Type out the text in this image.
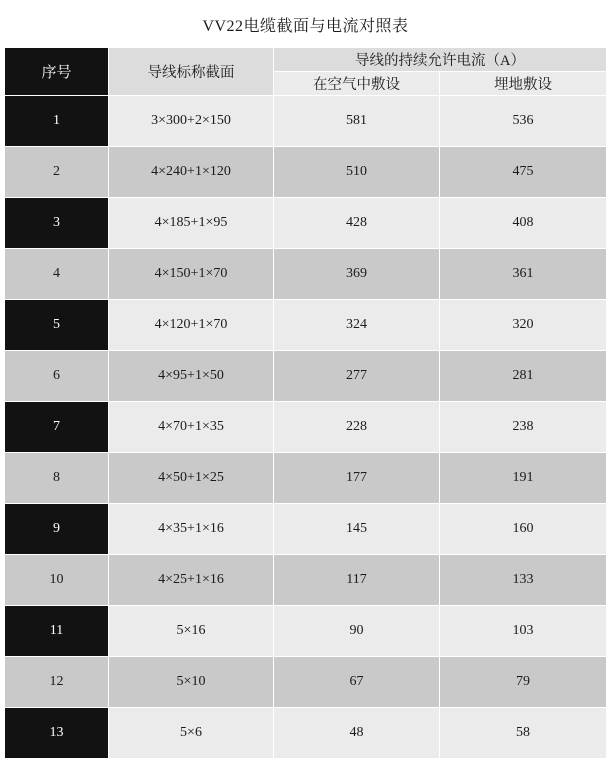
VV22电缆截面与电流对照表			
序号	导线标称截面	导线的持续允许电流（A）	
		在空气中敷设	埋地敷设
1	3×300+2×150	581	536
2	4×240+1×120	510	475
3	4×185+1×95	428	408
4	4×150+1×70	369	361
5	4×120+1×70	324	320
6	4×95+1×50	277	281
7	4×70+1×35	228	238
8	4×50+1×25	177	191
9	4×35+1×16	145	160
10	4×25+1×16	117	133
11	5×16	90	103
12	5×10	67	79
13	5×6	48	58
